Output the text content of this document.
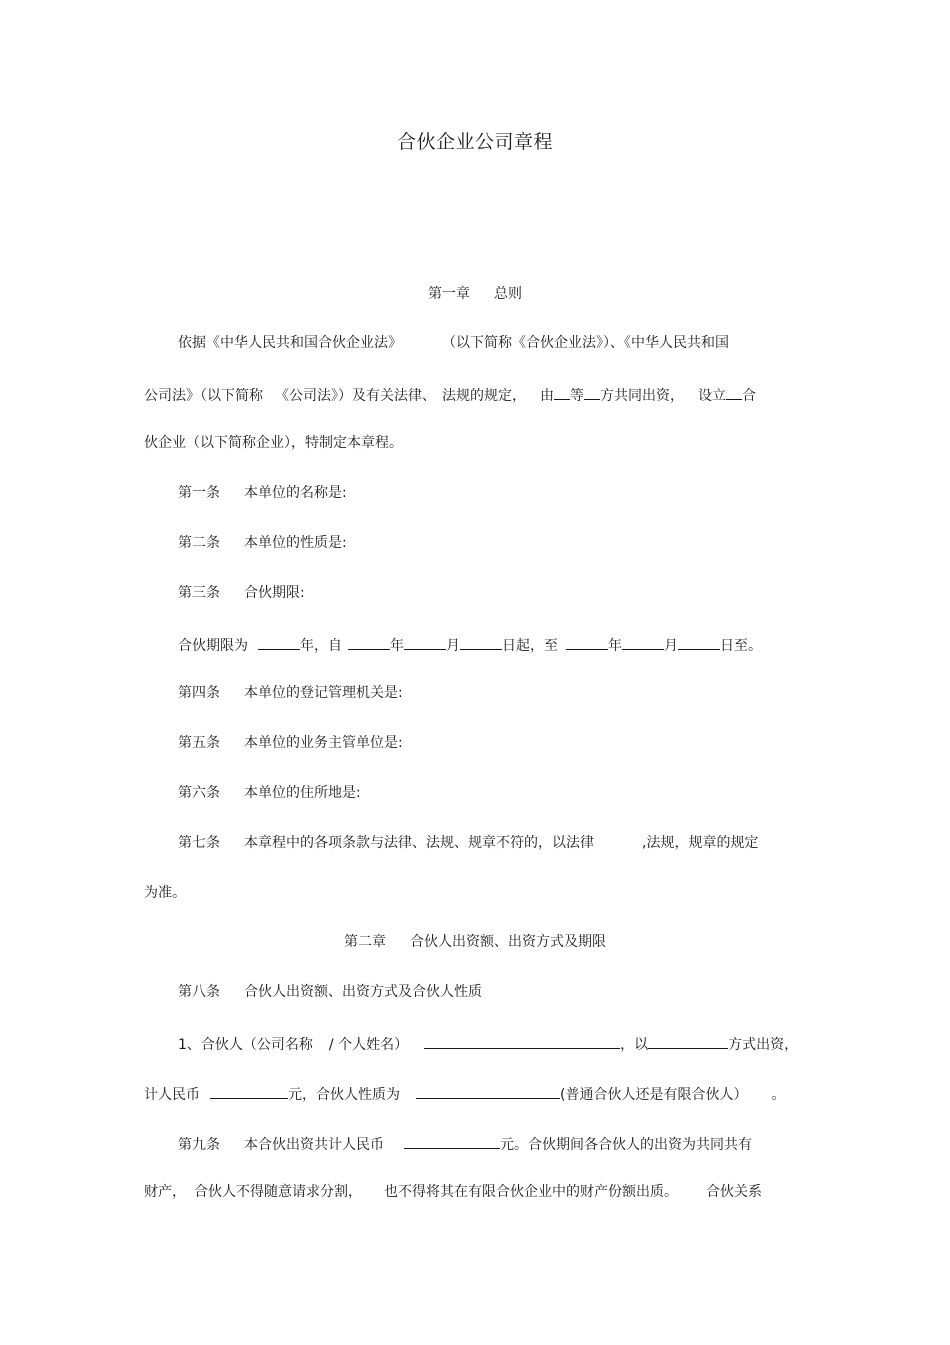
合伙企业公司章程
第一章 总则
依据《中华人民共和国合伙企业法》	（以下简称《合伙企业法》）、《中华人民共和国
公司法》（以下简称 《公司法》）及有关法律、 法规的规定， 由 等 方共同出资， 设立 合
伙企业（以下简称企业），特制定本章程。
第一条 本单位的名称是:
第二条 本单位的性质是:
第三条 合伙期限:
合伙期限为	年，自	年	月	日起，至	年	月	日至。
第四条 本单位的登记管理机关是:
第五条 本单位的业务主管单位是:
第六条 本单位的住所地是:
第七条 本章程中的各项条款与法律、法规、规章不符的，以法律	,法规，规章的规定
为准。
第二章 合伙人出资额、出资方式及期限
第八条 合伙人出资额、出资方式及合伙人性质
1、合伙人（公司名称 / 个人姓名）	，以	方式出资，
计人民币	元，合伙人性质为	(普通合伙人还是有限合伙人） 。
第九条 本合伙出资共计人民币	元。合伙期间各合伙人的出资为共同共有
财产， 合伙人不得随意请求分割， 也不得将其在有限合伙企业中的财产份额出质。 合伙关系
